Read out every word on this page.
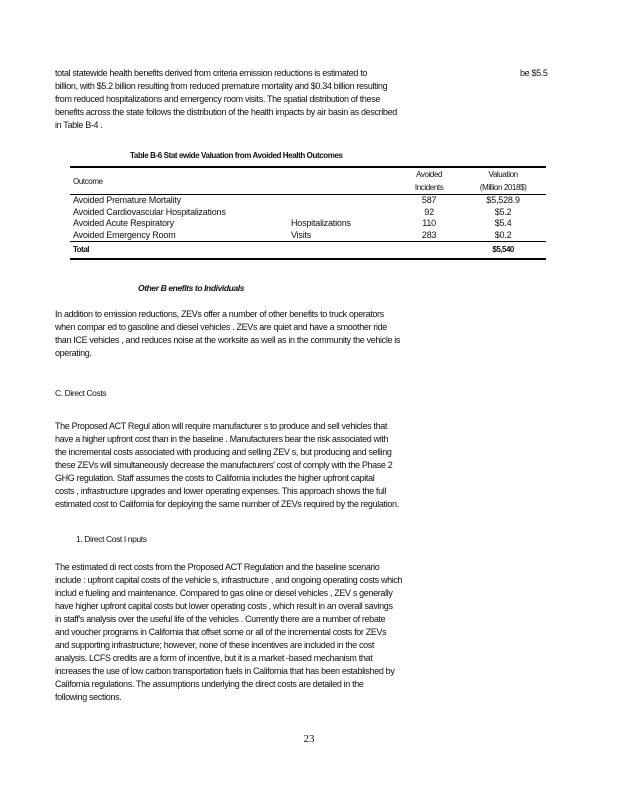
total statewide health benefits derived from criteria emission reductions is estimated to
billion, with $5.2 billion resulting from reduced premature mortality and $0.34 billion resulting
from reduced hospitalizations and emergency room visits. The spatial distribution of these
benefits across the state follows the distribution of the health impacts by air basin as described
in Table B-4 .
be $5.5
Table B-6 Stat ewide Valuation from Avoided Health Outcomes
Outcome		Avoided	Valuation

		Incidents	(Million 2018$)
Avoided Premature Mortality		587	$5,528.9
Avoided Cardiovascular Hospitalizations		92	$5.2
Avoided Acute Respiratory	Hospitalizations	110	$5.4
Avoided Emergency Room	Visits	283	$0.2
Total			$5,540
Other B enefits to Individuals
In addition to emission reductions, ZEVs offer a number of other benefits to truck operators
when compar ed to gasoline and diesel vehicles . ZEVs are quiet and have a smoother ride
than ICE vehicles , and reduces noise at the worksite as well as in the community the vehicle is
operating.
C. Direct Costs
The Proposed ACT Regul ation will require manufacturer s to produce and sell vehicles that
have a higher upfront cost than in the baseline . Manufacturers bear the risk associated with
the incremental costs associated with producing and selling ZEV s, but producing and selling
these ZEVs will simultaneously decrease the manufacturers' cost of comply with the Phase 2
GHG regulation. Staff assumes the costs to California includes the higher upfront capital
costs , infrastructure upgrades and lower operating expenses. This approach shows the full
estimated cost to California for deploying the same number of ZEVs required by the regulation.
1. Direct Cost I nputs
The estimated di rect costs from the Proposed ACT Regulation and the baseline scenario
include : upfront capital costs of the vehicle s, infrastructure , and ongoing operating costs which
includ e fueling and maintenance. Compared to gas oline or diesel vehicles , ZEV s generally
have higher upfront capital costs but lower operating costs , which result in an overall savings
in staff's analysis over the useful life of the vehicles . Currently there are a number of rebate
and voucher programs in California that offset some or all of the incremental costs for ZEVs
and supporting infrastructure; however, none of these incentives are included in the cost
analysis. LCFS credits are a form of incentive, but it is a market -based mechanism that
increases the use of low carbon transportation fuels in California that has been established by
California regulations. The assumptions underlying the direct costs are detailed in the
following sections.
23
